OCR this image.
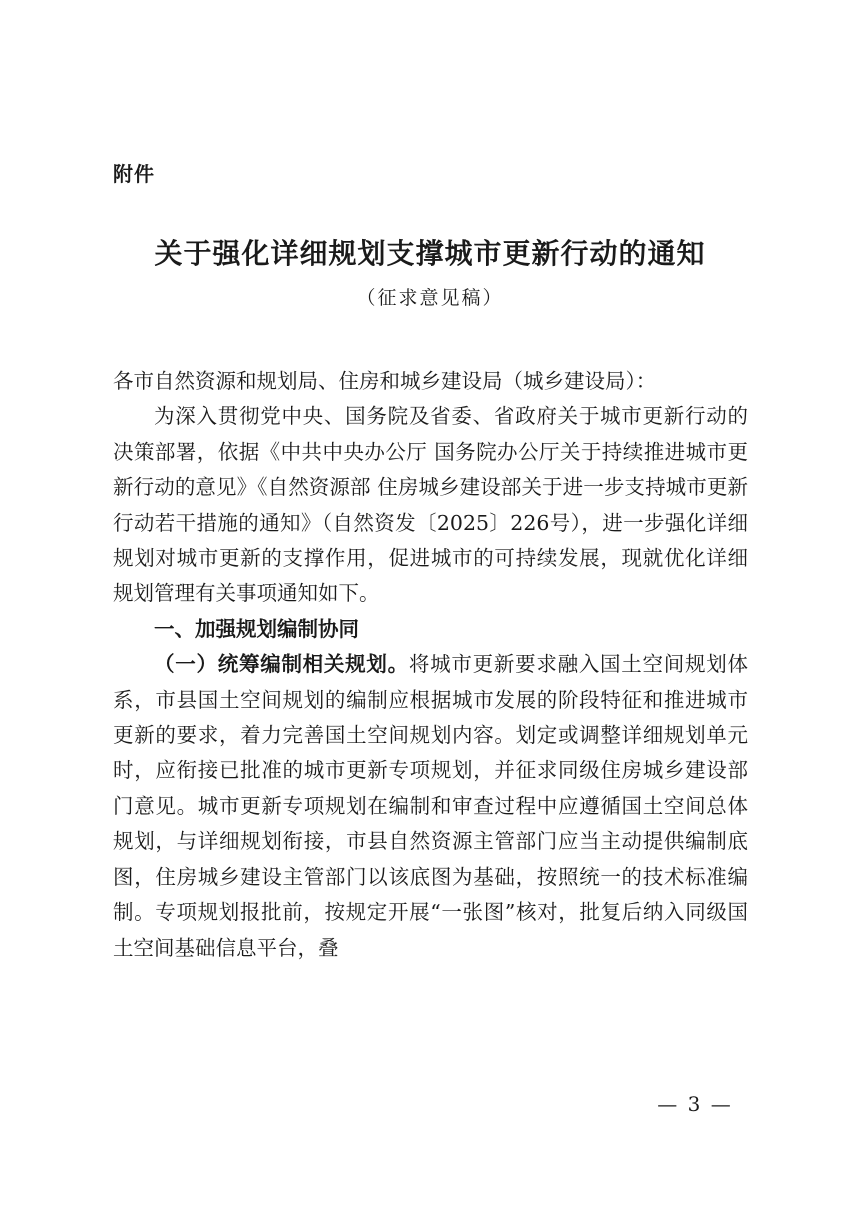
附件
关于强化详细规划支撑城市更新行动的通知
（征求意见稿）

各市自然资源和规划局、住房和城乡建设局（城乡建设局）：

为深入贯彻党中央、国务院及省委、省政府关于城市更新行动的决策部署，依据《中共中央办公厅 国务院办公厅关于持续推进城市更新行动的意见》《自然资源部 住房城乡建设部关于进一步支持城市更新行动若干措施的通知》（自然资发〔2025〕226号），进一步强化详细规划对城市更新的支撑作用，促进城市的可持续发展，现就优化详细规划管理有关事项通知如下。

一、加强规划编制协同

（一）统筹编制相关规划。将城市更新要求融入国土空间规划体系，市县国土空间规划的编制应根据城市发展的阶段特征和推进城市更新的要求，着力完善国土空间规划内容。划定或调整详细规划单元时，应衔接已批准的城市更新专项规划，并征求同级住房城乡建设部门意见。城市更新专项规划在编制和审查过程中应遵循国土空间总体规划，与详细规划衔接，市县自然资源主管部门应当主动提供编制底图，住房城乡建设主管部门以该底图为基础，按照统一的技术标准编制。专项规划报批前，按规定开展“一张图”核对，批复后纳入同级国土空间基础信息平台，叠

— 3 —
